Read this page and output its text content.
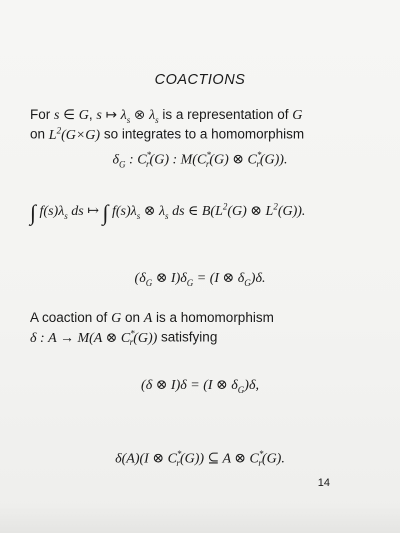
COACTIONS
For s ∈ G, s ↦ $\lambda_s$ ⊗ $\lambda_s$ is a representation of G
on $L^2(G\times G)$ so integrates to a homomorphism
$\delta_G$ : $C^*_r(G)$ : $M(C^*_r(G)$ ⊗ $C^*_r(G)$).
∫ $f(s)\lambda_s$ ds ↦ ∫ $f(s)\lambda_s$ ⊗ $\lambda_s$ ds ∈ $B(L^2(G)$ ⊗ $L^2(G)$).
($\delta_G$ ⊗ $I)\delta_G = (I$ ⊗ $\delta_G)\delta$.
A coaction of G on A is a homomorphism
δ : A → M(A ⊗ $C^*_r(G)$) satisfying
(δ ⊗ I)δ = (I ⊗ $\delta_G)\delta$,
δ(A)(I ⊗ $C^*_r(G)$) ⊆ A ⊗ $C^*_r(G)$.
14
